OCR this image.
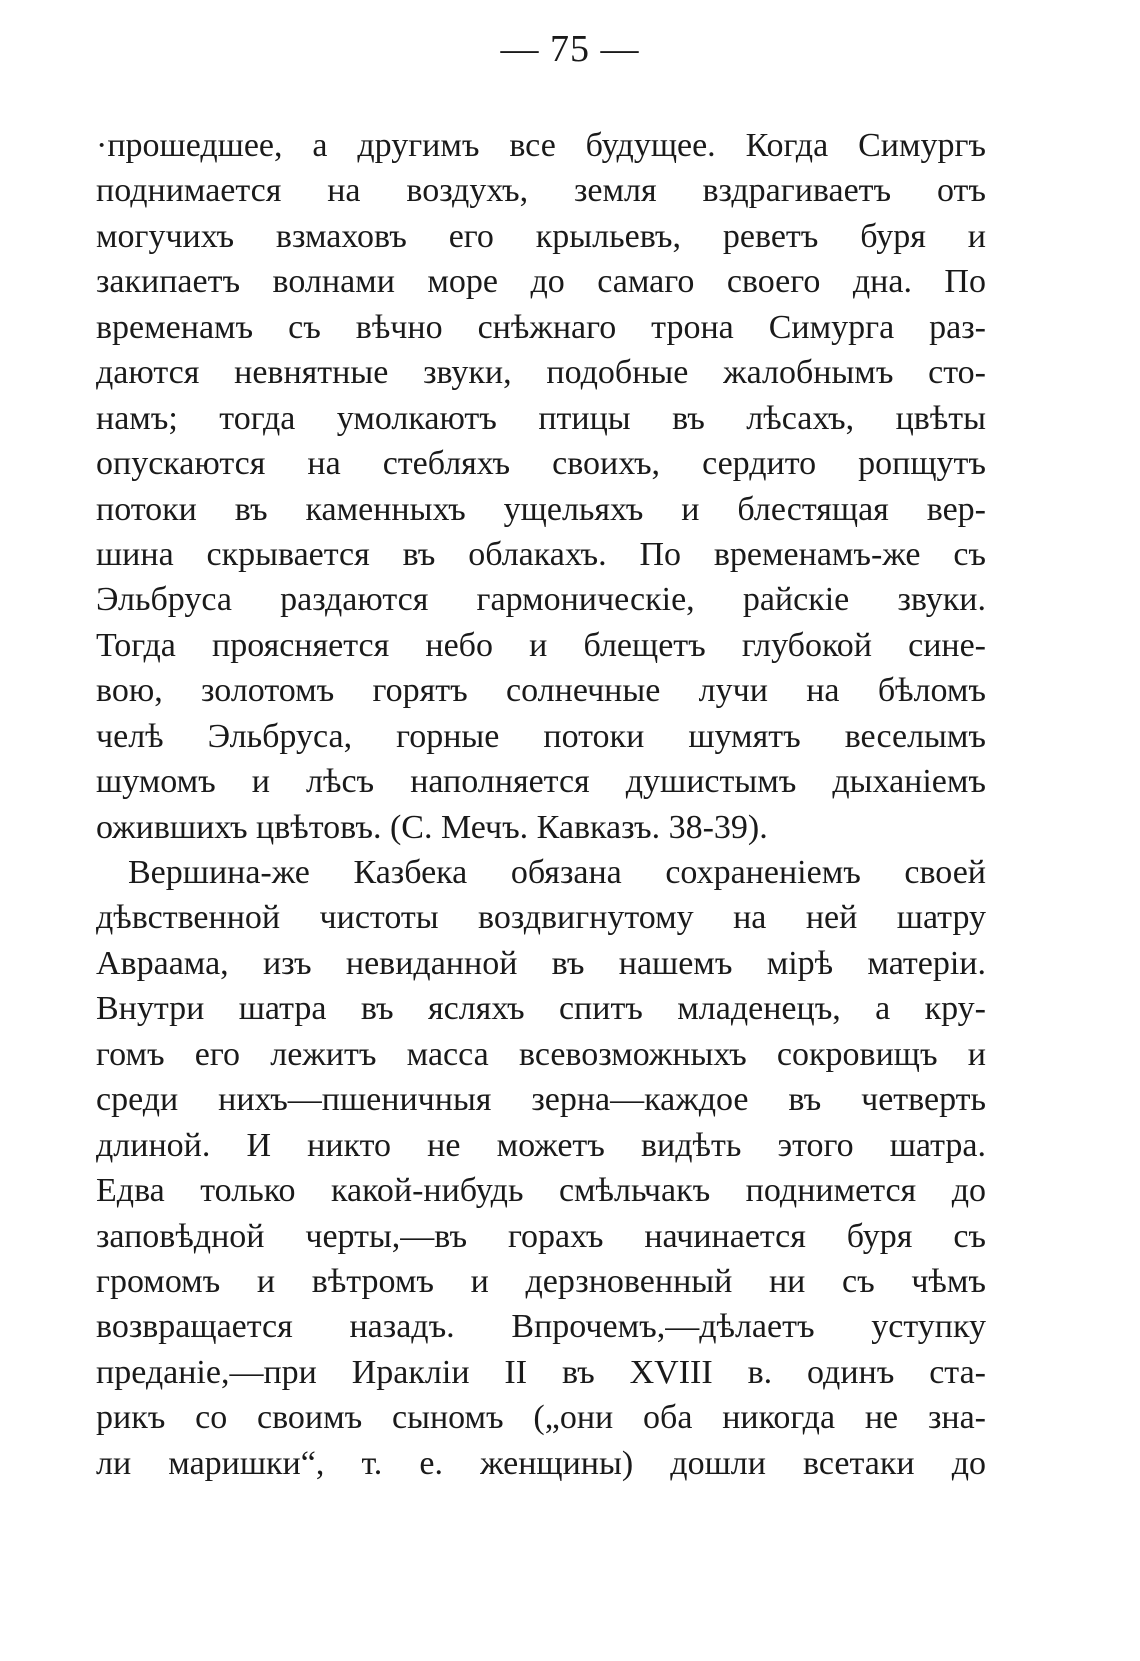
— 75 —
·прошедшее, а другимъ все будущее. Когда Симургъ
поднимается на воздухъ, земля вздрагиваетъ отъ
могучихъ взмаховъ его крыльевъ, реветъ буря и
закипаетъ волнами море до самаго своего дна. По
временамъ съ вѣчно снѣжнаго трона Симурга раз-
даются невнятные звуки, подобные жалобнымъ сто-
намъ; тогда умолкаютъ птицы въ лѣсахъ, цвѣты
опускаются на стебляхъ своихъ, сердито ропщутъ
потоки въ каменныхъ ущельяхъ и блестящая вер-
шина скрывается въ облакахъ. По временамъ-же съ
Эльбруса раздаются гармоническіе, райскіе звуки.
Тогда проясняется небо и блещетъ глубокой сине-
вою, золотомъ горятъ солнечные лучи на бѣломъ
челѣ Эльбруса, горные потоки шумятъ веселымъ
шумомъ и лѣсъ наполняется душистымъ дыханіемъ
ожившихъ цвѣтовъ. (С. Мечъ. Кавказъ. 38-39).
Вершина-же Казбека обязана сохраненіемъ своей
дѣвственной чистоты воздвигнутому на ней шатру
Авраама, изъ невиданной въ нашемъ мірѣ матеріи.
Внутри шатра въ ясляхъ спитъ младенецъ, а кру-
гомъ его лежитъ масса всевозможныхъ сокровищъ и
среди нихъ—пшеничныя зерна—каждое въ четверть
длиной. И никто не можетъ видѣть этого шатра.
Едва только какой-нибудь смѣльчакъ поднимется до
заповѣдной черты,—въ горахъ начинается буря съ
громомъ и вѣтромъ и дерзновенный ни съ чѣмъ
возвращается назадъ. Впрочемъ,—дѣлаетъ уступку
преданіе,—при Иракліи II въ XVIII в. одинъ ста-
рикъ со своимъ сыномъ („они оба никогда не зна-
ли маришки“, т. е. женщины) дошли всетаки до
